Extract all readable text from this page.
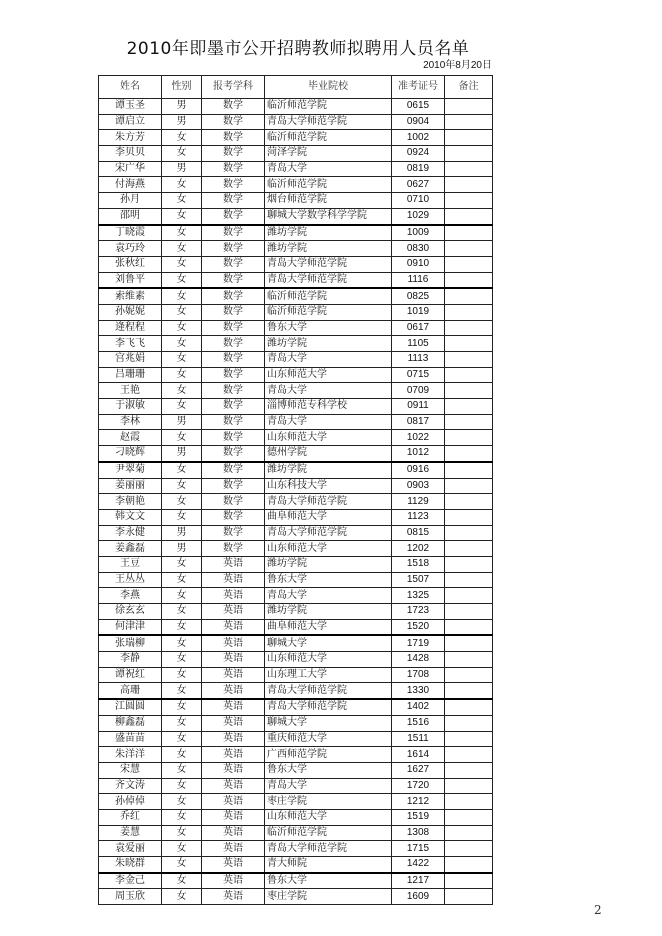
2010年即墨市公开招聘教师拟聘用人员名单
2010年8月20日
姓名	性别	报考学科	毕业院校	准考证号	备注
谭玉圣	男	数学	临沂师范学院	0615	
谭启立	男	数学	青岛大学师范学院	0904	
朱方芳	女	数学	临沂师范学院	1002	
李贝贝	女	数学	菏泽学院	0924	
宋广华	男	数学	青岛大学	0819	
付海燕	女	数学	临沂师范学院	0627	
孙月	女	数学	烟台师范学院	0710	
邵明	女	数学	聊城大学数学科学学院	1029	
丁晓霞	女	数学	潍坊学院	1009	
袁巧玲	女	数学	潍坊学院	0830	
张秋红	女	数学	青岛大学师范学院	0910	
刘鲁平	女	数学	青岛大学师范学院	1116	
索维素	女	数学	临沂师范学院	0825	
孙妮妮	女	数学	临沂师范学院	1019	
逄程程	女	数学	鲁东大学	0617	
李飞飞	女	数学	潍坊学院	1105	
宫兆娟	女	数学	青岛大学	1113	
吕珊珊	女	数学	山东师范大学	0715	
王艳	女	数学	青岛大学	0709	
于淑敏	女	数学	淄博师范专科学校	0911	
李林	男	数学	青岛大学	0817	
赵霞	女	数学	山东师范大学	1022	
刁晓辉	男	数学	德州学院	1012	
尹翠菊	女	数学	潍坊学院	0916	
姜丽丽	女	数学	山东科技大学	0903	
李朝艳	女	数学	青岛大学师范学院	1129	
韩文文	女	数学	曲阜师范大学	1123	
李永健	男	数学	青岛大学师范学院	0815	
姜鑫磊	男	数学	山东师范大学	1202	
王豆	女	英语	潍坊学院	1518	
王丛丛	女	英语	鲁东大学	1507	
李燕	女	英语	青岛大学	1325	
徐玄玄	女	英语	潍坊学院	1723	
何津津	女	英语	曲阜师范大学	1520	
张瑞柳	女	英语	聊城大学	1719	
李静	女	英语	山东师范大学	1428	
谭祝红	女	英语	山东理工大学	1708	
高珊	女	英语	青岛大学师范学院	1330	
江圆圆	女	英语	青岛大学师范学院	1402	
柳鑫磊	女	英语	聊城大学	1516	
盛苗苗	女	英语	重庆师范大学	1511	
朱洋洋	女	英语	广西师范学院	1614	
宋慧	女	英语	鲁东大学	1627	
齐文涛	女	英语	青岛大学	1720	
孙倬倬	女	英语	枣庄学院	1212	
乔红	女	英语	山东师范大学	1519	
姜慧	女	英语	临沂师范学院	1308	
袁爱丽	女	英语	青岛大学师范学院	1715	
朱晓群	女	英语	青大师院	1422	
李金己	女	英语	鲁东大学	1217	
周玉欣	女	英语	枣庄学院	1609	
2
